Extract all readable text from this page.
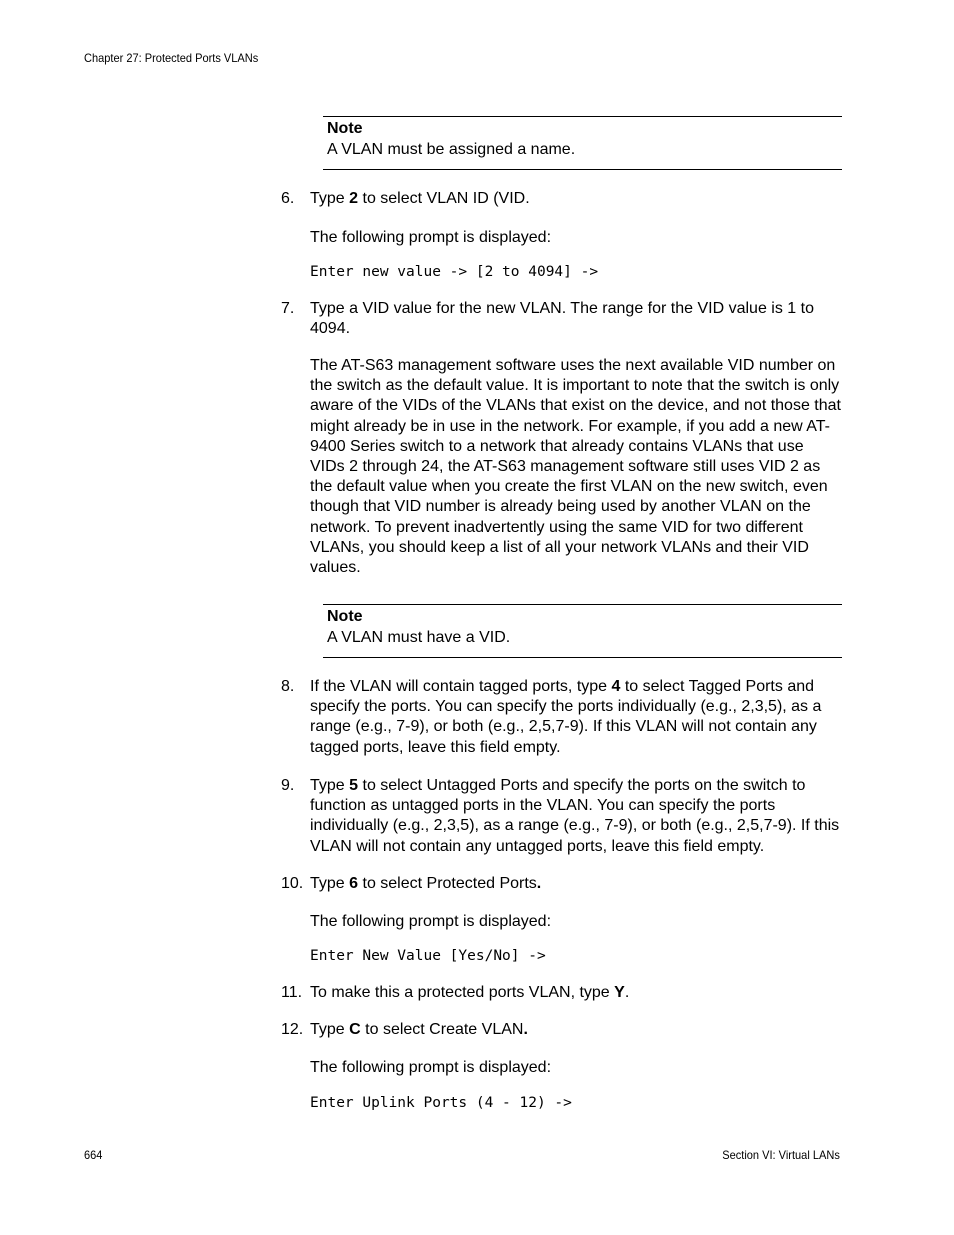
Chapter 27: Protected Ports VLANs
Note
A VLAN must be assigned a name.
6. Type 2 to select VLAN ID (VID.
The following prompt is displayed:
Enter new value -> [2 to 4094] ->
7. Type a VID value for the new VLAN. The range for the VID value is 1 to 4094.
The AT-S63 management software uses the next available VID number on the switch as the default value. It is important to note that the switch is only aware of the VIDs of the VLANs that exist on the device, and not those that might already be in use in the network. For example, if you add a new AT-9400 Series switch to a network that already contains VLANs that use VIDs 2 through 24, the AT-S63 management software still uses VID 2 as the default value when you create the first VLAN on the new switch, even though that VID number is already being used by another VLAN on the network. To prevent inadvertently using the same VID for two different VLANs, you should keep a list of all your network VLANs and their VID values.
Note
A VLAN must have a VID.
8. If the VLAN will contain tagged ports, type 4 to select Tagged Ports and specify the ports. You can specify the ports individually (e.g., 2,3,5), as a range (e.g., 7-9), or both (e.g., 2,5,7-9). If this VLAN will not contain any tagged ports, leave this field empty.
9. Type 5 to select Untagged Ports and specify the ports on the switch to function as untagged ports in the VLAN. You can specify the ports individually (e.g., 2,3,5), as a range (e.g., 7-9), or both (e.g., 2,5,7-9). If this VLAN will not contain any untagged ports, leave this field empty.
10. Type 6 to select Protected Ports.
The following prompt is displayed:
Enter New Value [Yes/No] ->
11. To make this a protected ports VLAN, type Y.
12. Type C to select Create VLAN.
The following prompt is displayed:
Enter Uplink Ports (4 - 12) ->
664	Section VI: Virtual LANs
